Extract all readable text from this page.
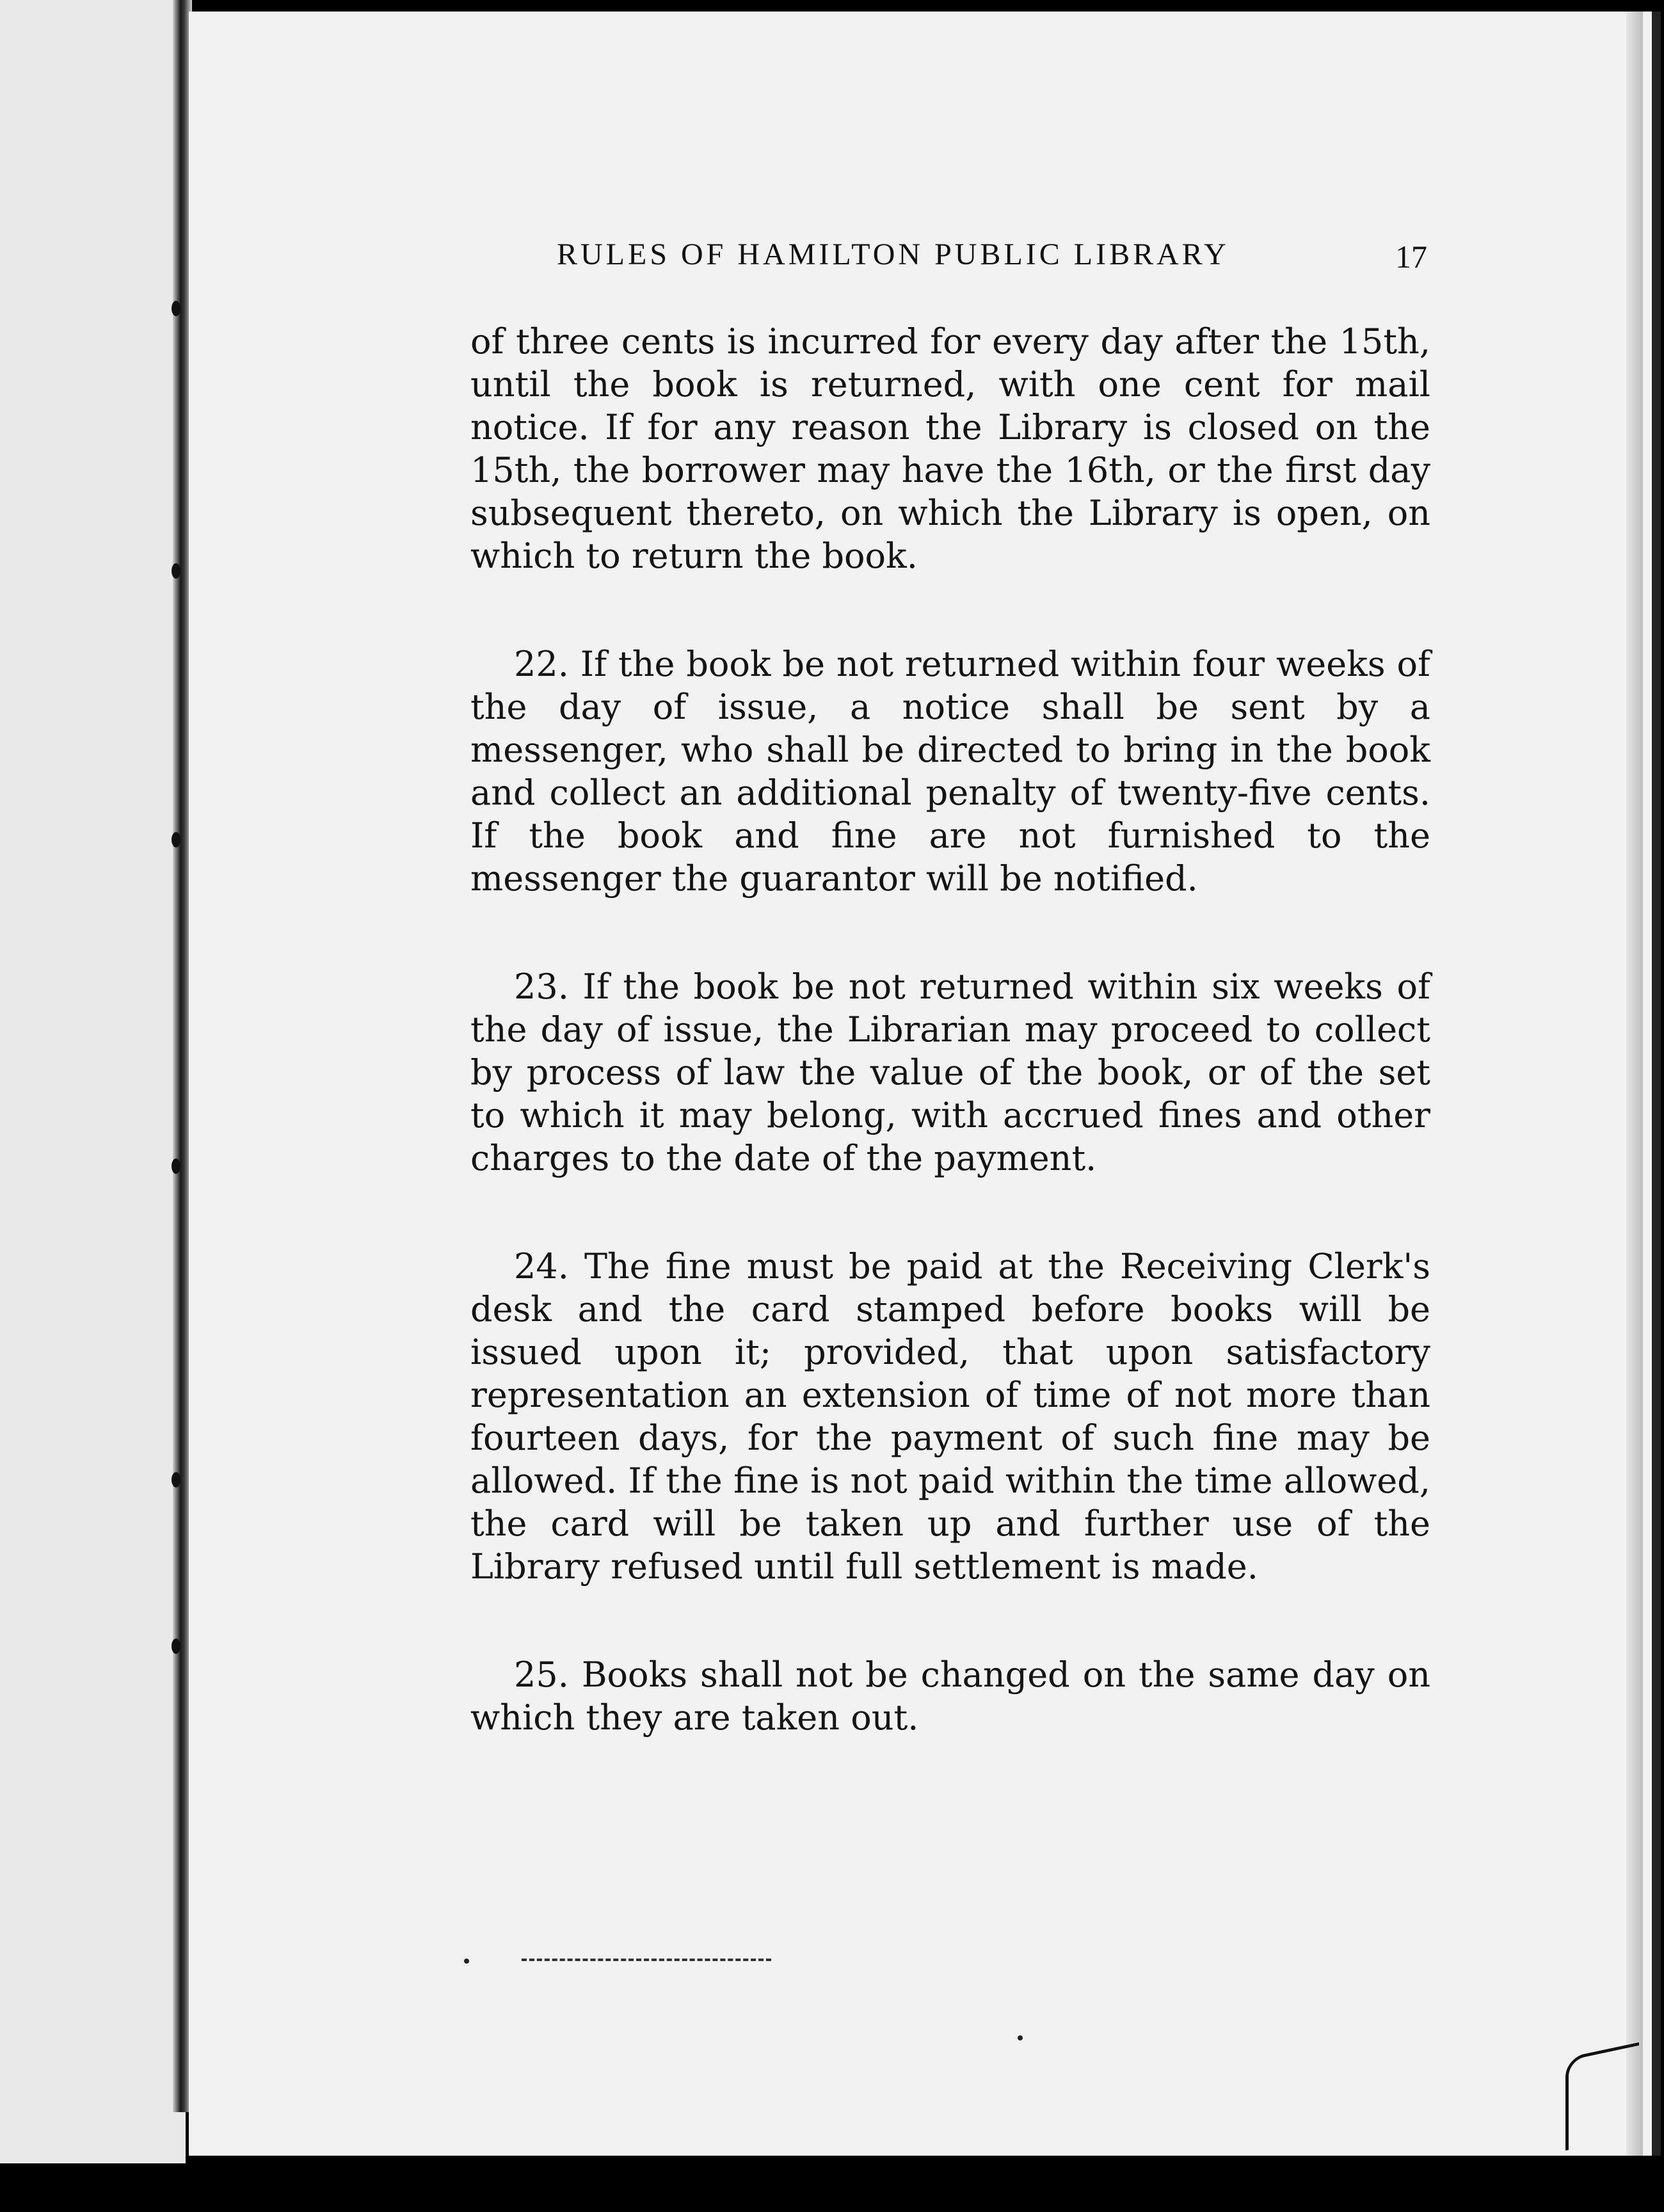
RULES OF HAMILTON PUBLIC LIBRARY	17

of three cents is incurred for every day after the 15th, until the book is returned, with one cent for mail notice. If for any reason the Library is closed on the 15th, the borrower may have the 16th, or the first day subsequent thereto, on which the Library is open, on which to return the book.

22. If the book be not returned within four weeks of the day of issue, a notice shall be sent by a messenger, who shall be directed to bring in the book and collect an additional penalty of twenty-five cents. If the book and fine are not furnished to the messenger the guarantor will be notified.

23. If the book be not returned within six weeks of the day of issue, the Librarian may proceed to collect by process of law the value of the book, or of the set to which it may belong, with accrued fines and other charges to the date of the payment.

24. The fine must be paid at the Receiving Clerk's desk and the card stamped before books will be issued upon it; provided, that upon satisfactory representation an extension of time of not more than fourteen days, for the payment of such fine may be allowed. If the fine is not paid within the time allowed, the card will be taken up and further use of the Library refused until full settlement is made.

25. Books shall not be changed on the same day on which they are taken out.
